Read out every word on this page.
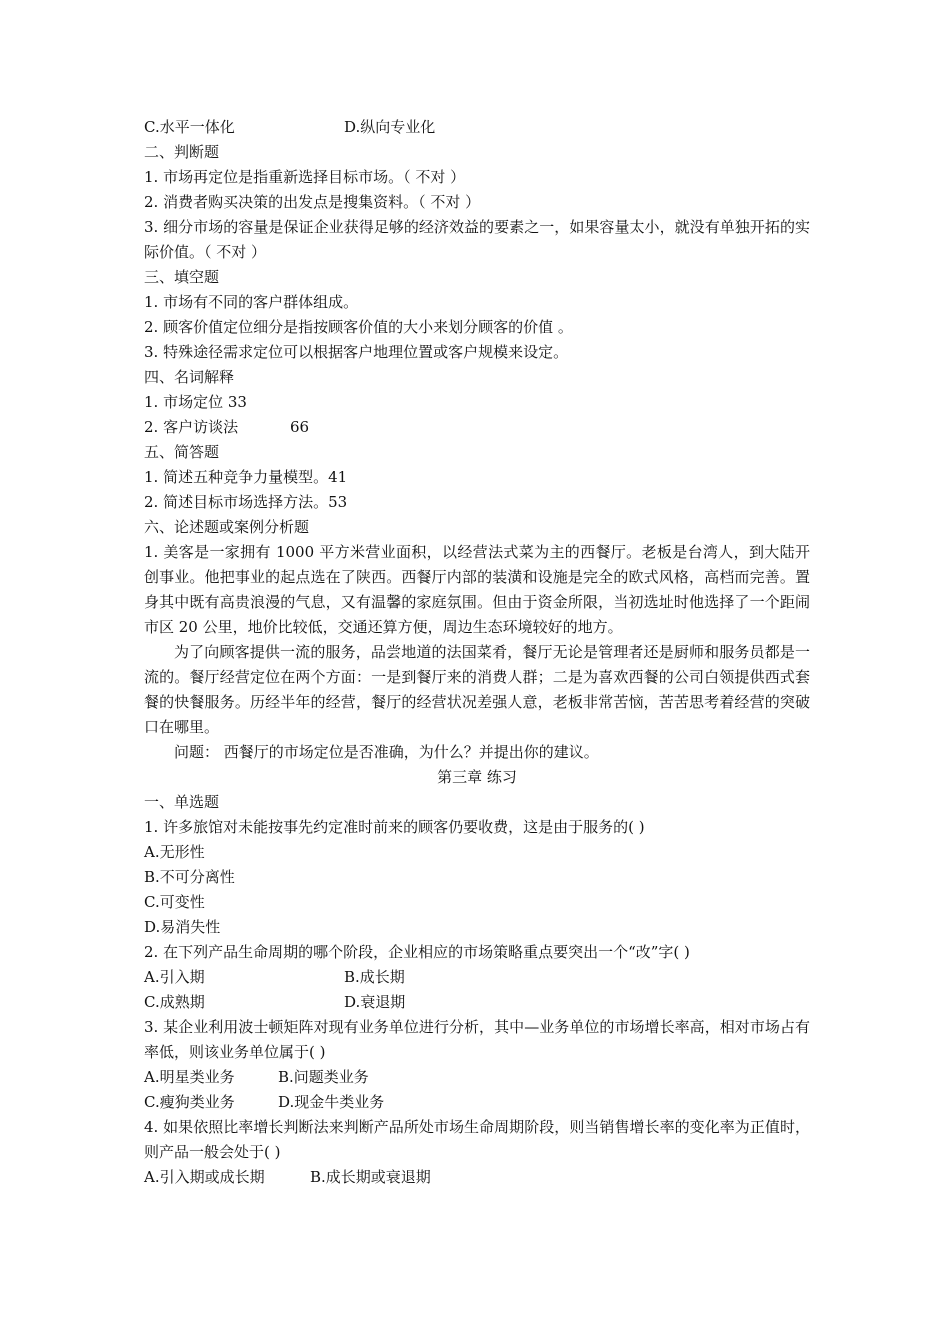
C.水平一体化	D.纵向专业化
二、判断题
1. 市场再定位是指重新选择目标市场。（ 不对 ）
2. 消费者购买决策的出发点是搜集资料。（ 不对 ）
3. 细分市场的容量是保证企业获得足够的经济效益的要素之一，如果容量太小，就没有单独开拓的实际价值。（ 不对 ）
三、填空题
1. 市场有不同的客户群体组成。
2. 顾客价值定位细分是指按顾客价值的大小来划分顾客的价值 。
3. 特殊途径需求定位可以根据客户地理位置或客户规模来设定。
四、名词解释
1. 市场定位 33
2. 客户访谈法	66
五、简答题
1. 简述五种竞争力量模型。41
2. 简述目标市场选择方法。53
六、论述题或案例分析题
1. 美客是一家拥有 1000 平方米营业面积，以经营法式菜为主的西餐厅。老板是台湾人，到大陆开创事业。他把事业的起点选在了陕西。西餐厅内部的装潢和设施是完全的欧式风格，高档而完善。置身其中既有高贵浪漫的气息，又有温馨的家庭氛围。但由于资金所限，当初选址时他选择了一个距闹市区 20 公里，地价比较低，交通还算方便，周边生态环境较好的地方。
为了向顾客提供一流的服务，品尝地道的法国菜肴，餐厅无论是管理者还是厨师和服务员都是一流的。餐厅经营定位在两个方面：一是到餐厅来的消费人群；二是为喜欢西餐的公司白领提供西式套餐的快餐服务。历经半年的经营，餐厅的经营状况差强人意，老板非常苦恼，苦苦思考着经营的突破口在哪里。
问题： 西餐厅的市场定位是否准确，为什么？并提出你的建议。
第三章 练习
一、单选题
1. 许多旅馆对未能按事先约定准时前来的顾客仍要收费，这是由于服务的( )
A.无形性
B.不可分离性
C.可变性
D.易消失性
2. 在下列产品生命周期的哪个阶段，企业相应的市场策略重点要突出一个“改”字( )
A.引入期	B.成长期
C.成熟期	D.衰退期
3. 某企业利用波士顿矩阵对现有业务单位进行分析，其中—业务单位的市场增长率高，相对市场占有率低，则该业务单位属于( )
A.明星类业务	B.问题类业务
C.瘦狗类业务	D.现金牛类业务
4. 如果依照比率增长判断法来判断产品所处市场生命周期阶段，则当销售增长率的变化率为正值时，则产品一般会处于( )
A.引入期或成长期	B.成长期或衰退期
